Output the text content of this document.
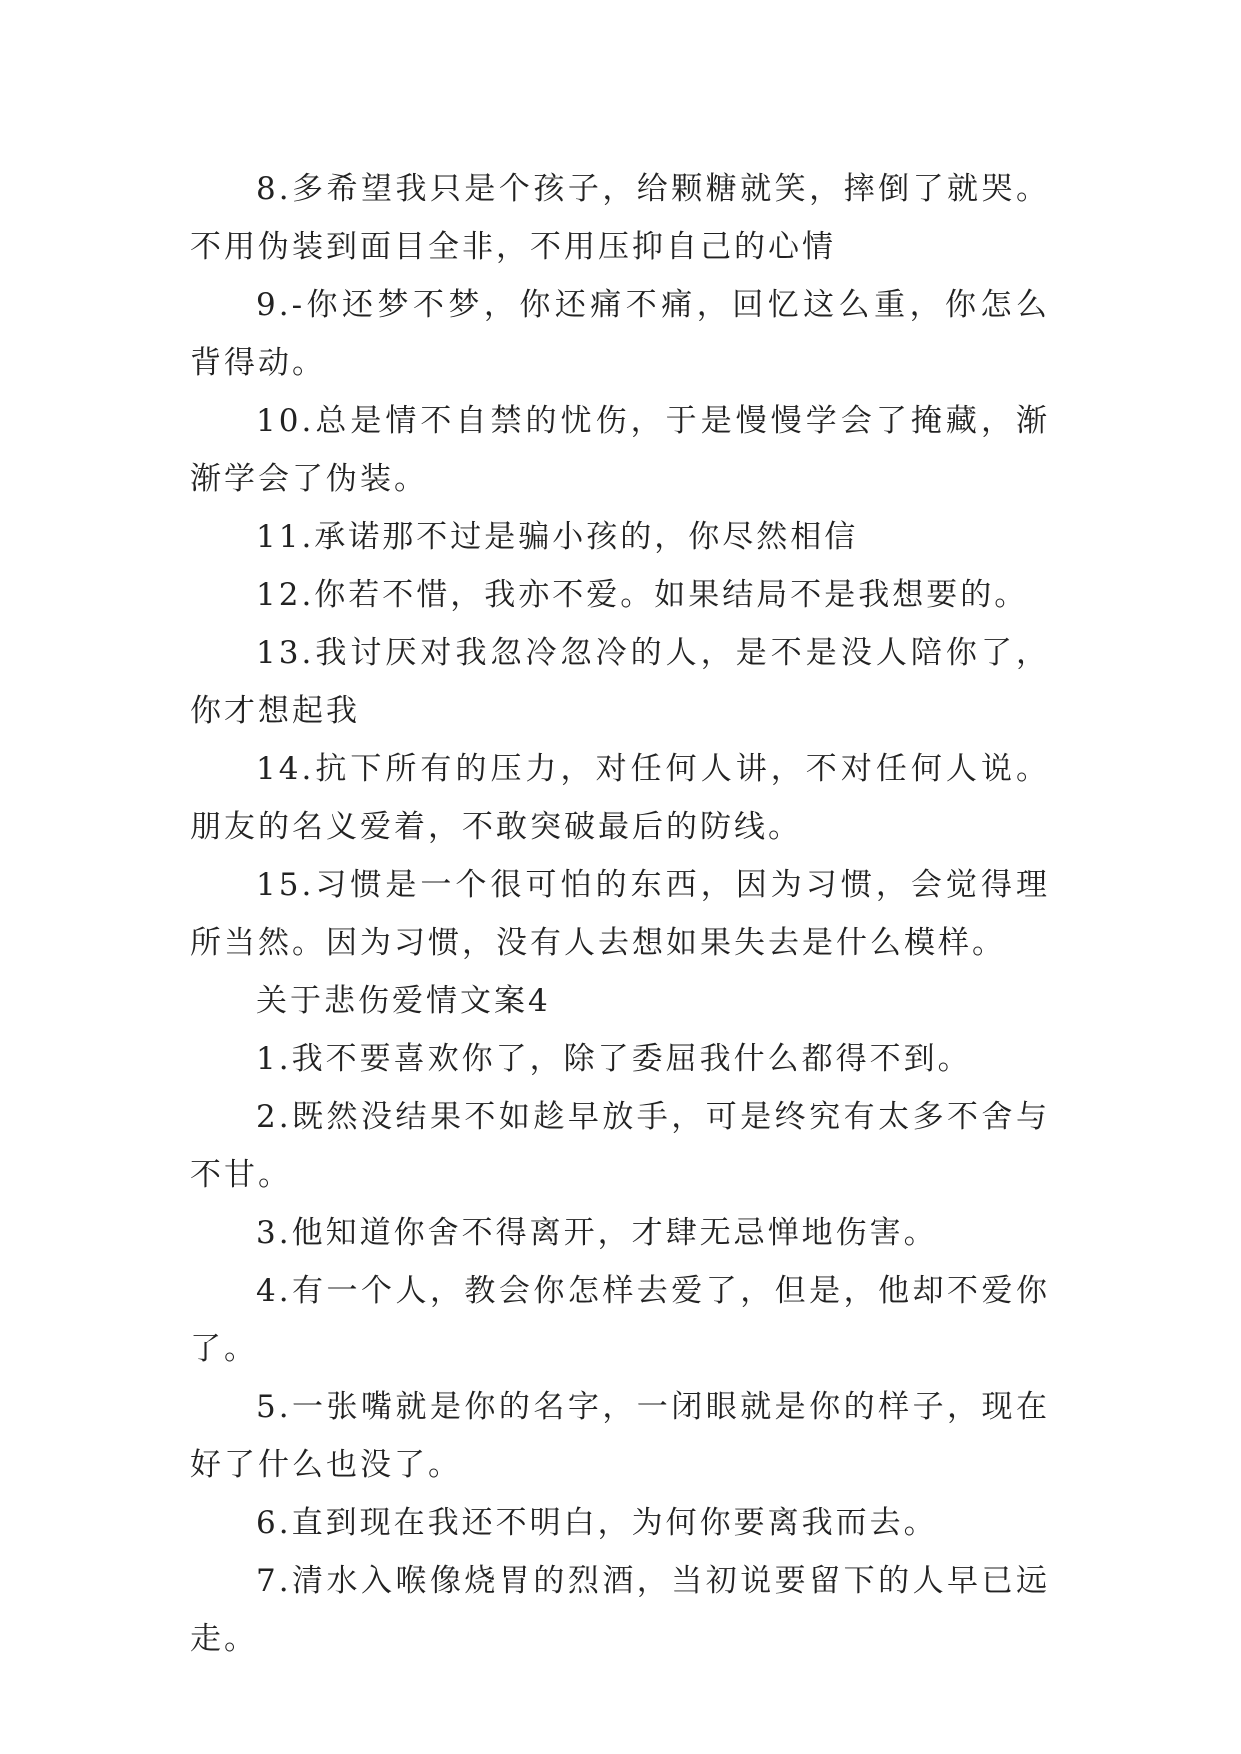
8.多希望我只是个孩子，给颗糖就笑，摔倒了就哭。不用伪装到面目全非，不用压抑自己的心情

9.-你还梦不梦，你还痛不痛，回忆这么重，你怎么背得动。

10.总是情不自禁的忧伤，于是慢慢学会了掩藏，渐渐学会了伪装。

11.承诺那不过是骗小孩的，你尽然相信

12.你若不惜，我亦不爱。如果结局不是我想要的。

13.我讨厌对我忽冷忽冷的人，是不是没人陪你了，你才想起我

14.抗下所有的压力，对任何人讲，不对任何人说。朋友的名义爱着，不敢突破最后的防线。

15.习惯是一个很可怕的东西，因为习惯，会觉得理所当然。因为习惯，没有人去想如果失去是什么模样。

关于悲伤爱情文案4

1.我不要喜欢你了，除了委屈我什么都得不到。

2.既然没结果不如趁早放手，可是终究有太多不舍与不甘。

3.他知道你舍不得离开，才肆无忌惮地伤害。

4.有一个人，教会你怎样去爱了，但是，他却不爱你了。

5.一张嘴就是你的名字，一闭眼就是你的样子，现在好了什么也没了。

6.直到现在我还不明白，为何你要离我而去。

7.清水入喉像烧胃的烈酒，当初说要留下的人早已远走。
